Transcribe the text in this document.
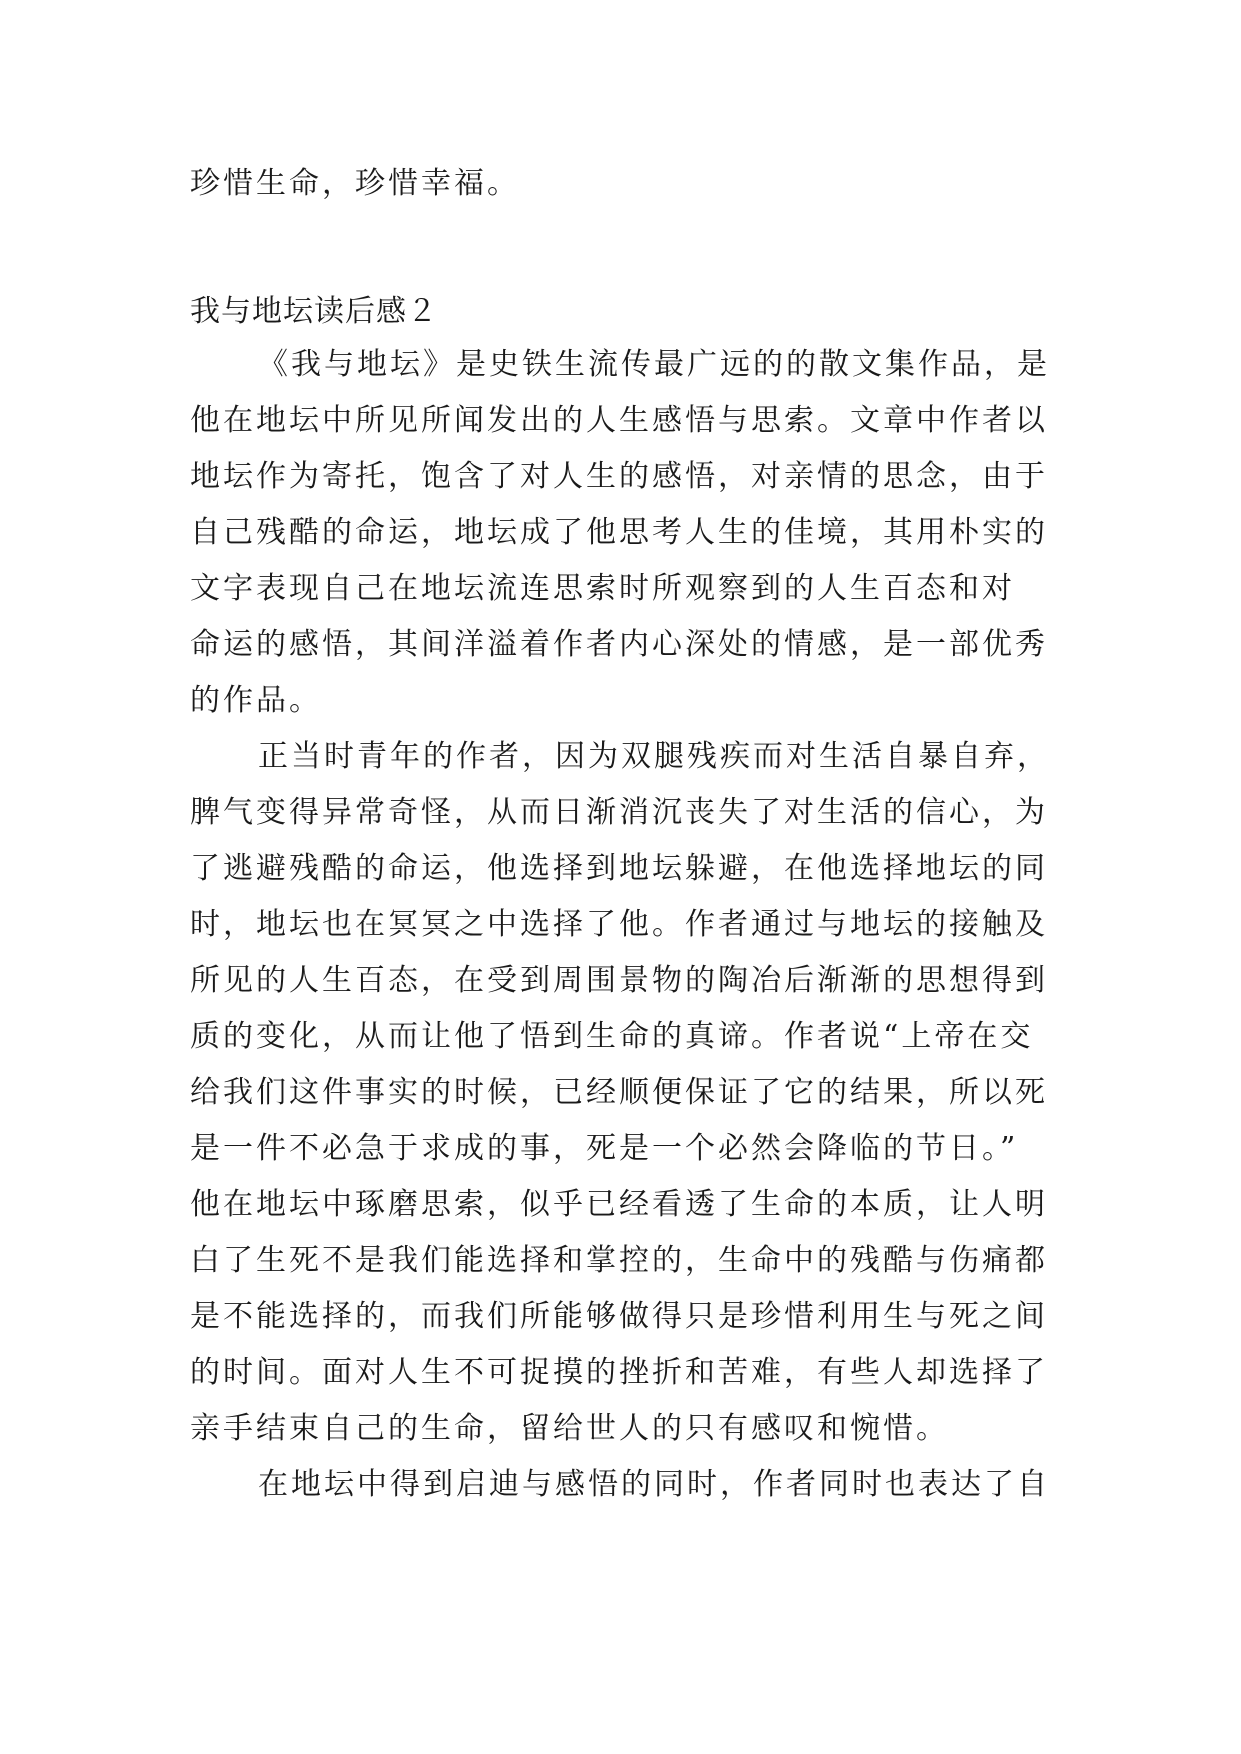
珍惜生命，珍惜幸福。
我与地坛读后感２
《我与地坛》是史铁生流传最广远的的散文集作品，是
他在地坛中所见所闻发出的人生感悟与思索。文章中作者以
地坛作为寄托，饱含了对人生的感悟，对亲情的思念，由于
自己残酷的命运，地坛成了他思考人生的佳境，其用朴实的
文字表现自己在地坛流连思索时所观察到的人生百态和对
命运的感悟，其间洋溢着作者内心深处的情感，是一部优秀
的作品。
正当时青年的作者，因为双腿残疾而对生活自暴自弃，
脾气变得异常奇怪，从而日渐消沉丧失了对生活的信心，为
了逃避残酷的命运，他选择到地坛躲避，在他选择地坛的同
时，地坛也在冥冥之中选择了他。作者通过与地坛的接触及
所见的人生百态，在受到周围景物的陶冶后渐渐的思想得到
质的变化，从而让他了悟到生命的真谛。作者说“上帝在交
给我们这件事实的时候，已经顺便保证了它的结果，所以死
是一件不必急于求成的事，死是一个必然会降临的节日。”
他在地坛中琢磨思索，似乎已经看透了生命的本质，让人明
白了生死不是我们能选择和掌控的，生命中的残酷与伤痛都
是不能选择的，而我们所能够做得只是珍惜利用生与死之间
的时间。面对人生不可捉摸的挫折和苦难，有些人却选择了
亲手结束自己的生命，留给世人的只有感叹和惋惜。
在地坛中得到启迪与感悟的同时，作者同时也表达了自
